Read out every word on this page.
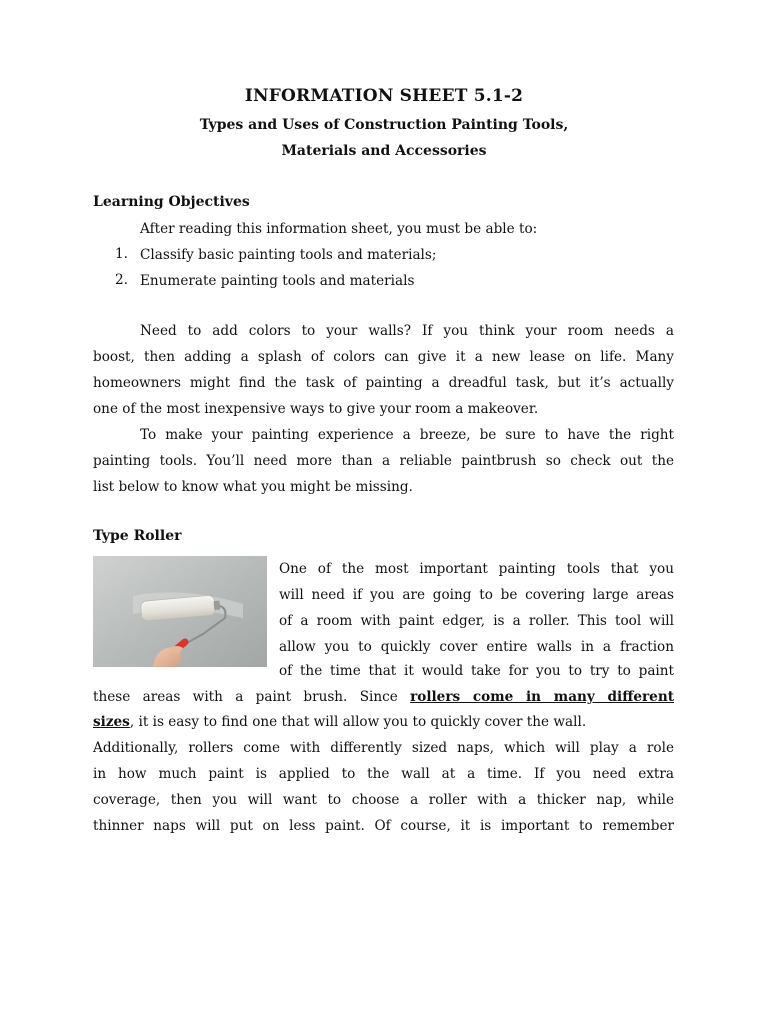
INFORMATION SHEET 5.1-2
Types and Uses of Construction Painting Tools,
Materials and Accessories
Learning Objectives
After reading this information sheet, you must be able to:
1. Classify basic painting tools and materials;
2. Enumerate painting tools and materials
Need to add colors to your walls? If you think your room needs a
boost, then adding a splash of colors can give it a new lease on life. Many
homeowners might find the task of painting a dreadful task, but it’s actually
one of the most inexpensive ways to give your room a makeover.
To make your painting experience a breeze, be sure to have the right
painting tools. You’ll need more than a reliable paintbrush so check out the
list below to know what you might be missing.
Type Roller
One of the most important painting tools that you
will need if you are going to be covering large areas
of a room with paint edger, is a roller. This tool will
allow you to quickly cover entire walls in a fraction
of the time that it would take for you to try to paint
these areas with a paint brush. Since rollers come in many different
sizes, it is easy to find one that will allow you to quickly cover the wall.
Additionally, rollers come with differently sized naps, which will play a role
in how much paint is applied to the wall at a time. If you need extra
coverage, then you will want to choose a roller with a thicker nap, while
thinner naps will put on less paint. Of course, it is important to remember
